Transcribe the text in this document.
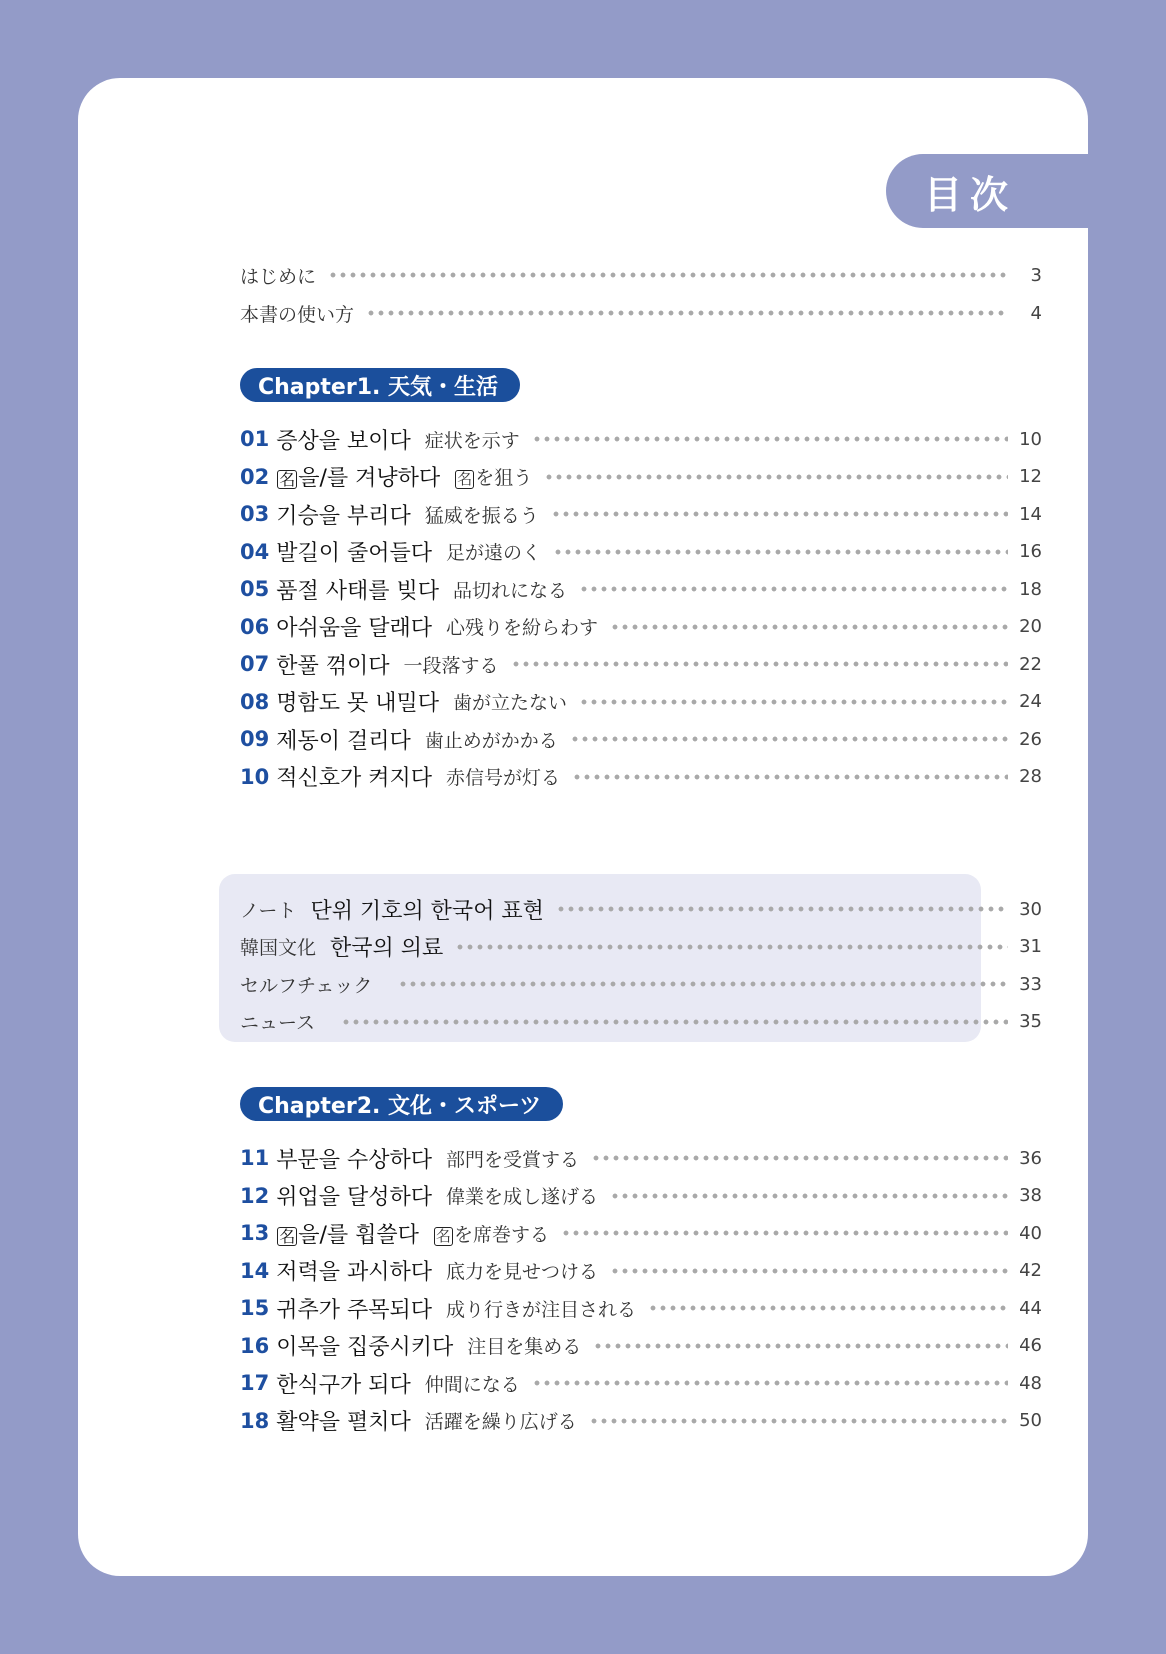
目次
はじめに	3
本書の使い方	4
Chapter1. 天気・生活
01 증상을 보이다 症状を示す	10
02 名 을/를 겨냥하다 名 を狙う	12
03 기승을 부리다 猛威を振るう	14
04 발길이 줄어들다 足が遠のく	16
05 품절 사태를 빚다 品切れになる	18
06 아쉬움을 달래다 心残りを紛らわす	20
07 한풀 꺾이다 一段落する	22
08 명함도 못 내밀다 歯が立たない	24
09 제동이 걸리다 歯止めがかかる	26
10 적신호가 켜지다 赤信号が灯る	28
ノート 단위 기호의 한국어 표현	30
韓国文化 한국의 의료	31
セルフチェック	33
ニュース	35
Chapter2. 文化・スポーツ
11 부문을 수상하다 部門を受賞する	36
12 위업을 달성하다 偉業を成し遂げる	38
13 名 을/를 휩쓸다 名 を席巻する	40
14 저력을 과시하다 底力を見せつける	42
15 귀추가 주목되다 成り行きが注目される	44
16 이목을 집중시키다 注目を集める	46
17 한식구가 되다 仲間になる	48
18 활약을 펼치다 活躍を繰り広げる	50
